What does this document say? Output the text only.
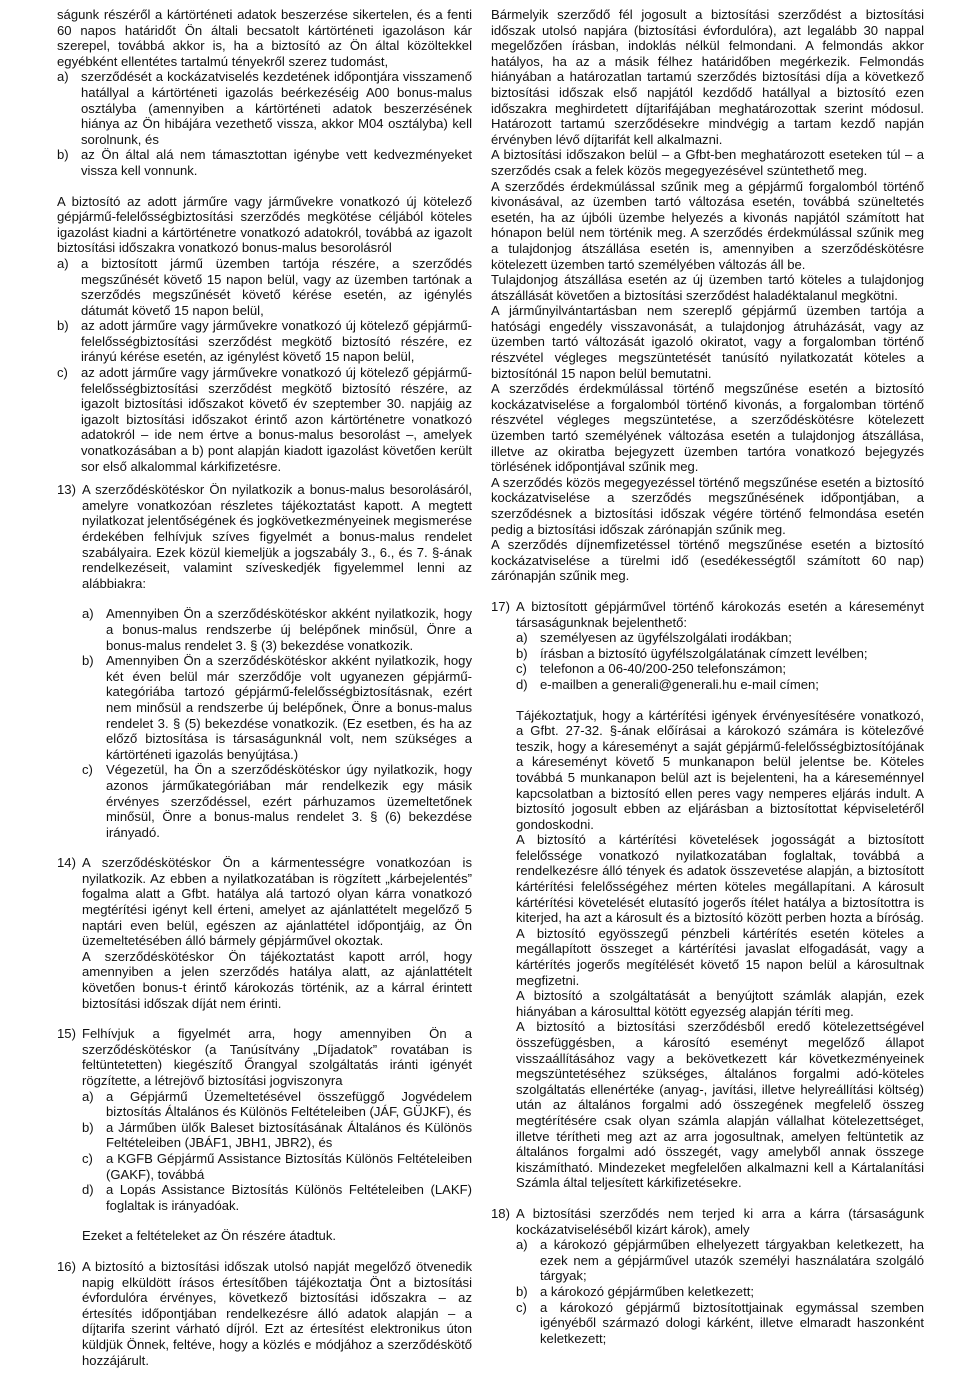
ságunk részéről a kártörténeti adatok beszerzése sikertelen, és a fenti 60 napos határidőt Ön általi becsatolt kártörténeti igazoláson kár szerepel, továbbá akkor is, ha a biztosító az Ön által közöltekkel egyébként ellentétes tartalmú tényekről szerez tudomást,

a) szerződését a kockázatviselés kezdetének időpontjára visszamenő hatállyal a kártörténeti igazolás beérkezéséig A00 bonus-malus osztályba (amennyiben a kártörténeti adatok beszerzésének hiánya az Ön hibájára vezethető vissza, akkor M04 osztályba) kell sorolnunk, és

b) az Ön által alá nem támasztottan igénybe vett kedvezményeket vissza kell vonnunk.

A biztosító az adott járműre vagy járművekre vonatkozó új kötelező gépjármű-felelősségbiztosítási szerződés megkötése céljából köteles igazolást kiadni a kártörténetre vonatkozó adatokról, továbbá az igazolt biztosítási időszakra vonatkozó bonus-malus besorolásról

a) a biztosított jármű üzemben tartója részére, a szerződés megszűnését követő 15 napon belül, vagy az üzemben tartónak a szerződés megszűnését követő kérése esetén, az igénylés dátumát követő 15 napon belül,

b) az adott járműre vagy járművekre vonatkozó új kötelező gépjármű-felelősségbiztosítási szerződést megkötő biztosító részére, ez irányú kérése esetén, az igénylést követő 15 napon belül,

c) az adott járműre vagy járművekre vonatkozó új kötelező gépjármű-felelősségbiztosítási szerződést megkötő biztosító részére, az igazolt biztosítási időszakot követő év szeptember 30. napjáig az igazolt biztosítási időszakot érintő azon kártörténetre vonatkozó adatokról – ide nem értve a bonus-malus besorolást –, amelyek vonatkozásában a b) pont alapján kiadott igazolást követően került sor első alkalommal kárkifizetésre.

13) A szerződéskötéskor Ön nyilatkozik a bonus-malus besorolásáról, amelyre vonatkozóan részletes tájékoztatást kapott. A megtett nyilatkozat jelentőségének és jogkövetkezményeinek megismerése érdekében felhívjuk szíves figyelmét a bonus-malus rendelet szabályaira. Ezek közül kiemeljük a jogszabály 3., 6., és 7. §-ának rendelkezéseit, valamint szíveskedjék figyelemmel lenni az alábbiakra:

a) Amennyiben Ön a szerződéskötéskor akként nyilatkozik, hogy a bonus-malus rendszerbe új belépőnek minősül, Önre a bonus-malus rendelet 3. § (3) bekezdése vonatkozik.

b) Amennyiben Ön a szerződéskötéskor akként nyilatkozik, hogy két éven belül már szerződője volt ugyanezen gépjármű-kategóriába tartozó gépjármű-felelősségbiztosításnak, ezért nem minősül a rendszerbe új belépőnek, Önre a bonus-malus rendelet 3. § (5) bekezdése vonatkozik. (Ez esetben, és ha az előző biztosítása is társaságunknál volt, nem szükséges a kártörténeti igazolás benyújtása.)

c) Végezetül, ha Ön a szerződéskötéskor úgy nyilatkozik, hogy azonos járműkategóriában már rendelkezik egy másik érvényes szerződéssel, ezért párhuzamos üzemeltetőnek minősül, Önre a bonus-malus rendelet 3. § (6) bekezdése irányadó.

14) A szerződéskötéskor Ön a kármentességre vonatkozóan is nyilatkozik. Az ebben a nyilatkozatában is rögzített „kárbejelentés” fogalma alatt a Gfbt. hatálya alá tartozó olyan kárra vonatkozó megtérítési igényt kell érteni, amelyet az ajánlattételt megelőző 5 naptári even belül, egészen az ajánlattétel időpontjáig, az Ön üzemeltetésében álló bármely gépjárművel okoztak.

A szerződéskötéskor Ön tájékoztatást kapott arról, hogy amennyiben a jelen szerződés hatálya alatt, az ajánlattételt követően bonus-t érintő károkozás történik, az a kárral érintett biztosítási időszak díját nem érinti.

15) Felhívjuk a figyelmét arra, hogy amennyiben Ön a szerződéskötéskor (a Tanúsítvány „Díjadatok” rovatában is feltüntetetten) kiegészítő Őrangyal szolgáltatás iránti igényét rögzítette, a létrejövő biztosítási jogviszonyra

a) a Gépjármű Üzemeltetésével összefüggő Jogvédelem biztosítás Általános és Különös Feltételeiben (JÁF, GÜJKF), és

b) a Járműben ülők Baleset biztosításának Általános és Különös Feltételeiben (JBÁF1, JBH1, JBR2), és

c) a KGFB Gépjármű Assistance Biztosítás Különös Feltételeiben (GAKF), továbbá

d) a Lopás Assistance Biztosítás Különös Feltételeiben (LAKF) foglaltak is irányadóak.

Ezeket a feltételeket az Ön részére átadtuk.

16) A biztosító a biztosítási időszak utolsó napját megelőző ötvenedik napig elküldött írásos értesítőben tájékoztatja Önt a biztosítási évfordulóra érvényes, következő biztosítási időszakra – az értesítés időpontjában rendelkezésre álló adatok alapján – a díjtarifa szerint várható díjról. Ezt az értesítést elektronikus úton küldjük Önnek, feltéve, hogy a közlés e módjához a szerződéskötő hozzájárult.

Bármelyik szerződő fél jogosult a biztosítási szerződést a biztosítási időszak utolsó napjára (biztosítási évfordulóra), azt legalább 30 nappal megelőzően írásban, indoklás nélkül felmondani. A felmondás akkor hatályos, ha az a másik félhez határidőben megérkezik. Felmondás hiányában a határozatlan tartamú szerződés biztosítási díja a következő biztosítási időszak első napjától kezdődő hatállyal a biztosító ezen időszakra meghirdetett díjtarifájában meghatározottak szerint módosul. Határozott tartamú szerződésekre mindvégig a tartam kezdő napján érvényben lévő díjtarifát kell alkalmazni.

A biztosítási időszakon belül – a Gfbt-ben meghatározott eseteken túl – a szerződés csak a felek közös megegyezésével szüntethető meg.

A szerződés érdekmúlással szűnik meg a gépjármű forgalomból történő kivonásával, az üzemben tartó változása esetén, továbbá szüneltetés esetén, ha az újbóli üzembe helyezés a kivonás napjától számított hat hónapon belül nem történik meg. A szerződés érdekmúlással szűnik meg a tulajdonjog átszállása esetén is, amennyiben a szerződéskötésre kötelezett üzemben tartó személyében változás áll be.

Tulajdonjog átszállása esetén az új üzemben tartó köteles a tulajdonjog átszállását követően a biztosítási szerződést haladéktalanul megkötni.

A járműnyilvántartásban nem szereplő gépjármű üzemben tartója a hatósági engedély visszavonását, a tulajdonjog átruházását, vagy az üzemben tartó változását igazoló okiratot, vagy a forgalomban történő részvétel végleges megszüntetését tanúsító nyilatkozatát köteles a biztosítónál 15 napon belül bemutatni.

A szerződés érdekmúlással történő megszűnése esetén a biztosító kockázatviselése a forgalomból történő kivonás, a forgalomban történő részvétel végleges megszüntetése, a szerződéskötésre kötelezett üzemben tartó személyének változása esetén a tulajdonjog átszállása, illetve az okiratba bejegyzett üzemben tartóra vonatkozó bejegyzés törlésének időpontjával szűnik meg.

A szerződés közös megegyezéssel történő megszűnése esetén a biztosító kockázatviselése a szerződés megszűnésének időpontjában, a szerződésnek a biztosítási időszak végére történő felmondása esetén pedig a biztosítási időszak zárónapján szűnik meg.

A szerződés díjnemfizetéssel történő megszűnése esetén a biztosító kockázatviselése a türelmi idő (esedékességtől számított 60 nap) zárónapján szűnik meg.

17) A biztosított gépjárművel történő károkozás esetén a káreseményt társaságunknak bejelenthető:

a) személyesen az ügyfélszolgálati irodákban;

b) írásban a biztosító ügyfélszolgálatának címzett levélben;

c) telefonon a 06-40/200-250 telefonszámon;

d) e-mailben a generali@generali.hu e-mail címen;

Tájékoztatjuk, hogy a kártérítési igények érvényesítésére vonatkozó, a Gfbt. 27-32. §-ának előírásai a károkozó számára is kötelezővé teszik, hogy a káreseményt a saját gépjármű-felelősségbiztosítójának a káreseményt követő 5 munkanapon belül jelentse be. Köteles továbbá 5 munkanapon belül azt is bejelenteni, ha a káreseménnyel kapcsolatban a biztosító ellen peres vagy nemperes eljárás indult. A biztosító jogosult ebben az eljárásban a biztosítottat képviseletéről gondoskodni.

A biztosító a kártérítési követelések jogosságát a biztosított felelőssége vonatkozó nyilatkozatában foglaltak, továbbá a rendelkezésre álló tények és adatok összevetése alapján, a biztosított kártérítési felelősségéhez mérten köteles megállapítani. A károsult kártérítési követelését elutasító jogerős ítélet hatálya a biztosítottra is kiterjed, ha azt a károsult és a biztosító között perben hozta a bíróság. A biztosító egyösszegű pénzbeli kártérítés esetén köteles a megállapított összeget a kártérítési javaslat elfogadását, vagy a kártérítés jogerős megítélését követő 15 napon belül a károsultnak megfizetni.

A biztosító a szolgáltatását a benyújtott számlák alapján, ezek hiányában a károsulttal kötött egyezség alapján téríti meg.

A biztosító a biztosítási szerződésből eredő kötelezettségével összefüggésben, a károsító eseményt megelőző állapot visszaállításához vagy a bekövetkezett kár következményeinek megszüntetéséhez szükséges, általános forgalmi adó-köteles szolgáltatás ellenértéke (anyag-, javítási, illetve helyreállítási költség) után az általános forgalmi adó összegének megfelelő összeg megtérítésére csak olyan számla alapján vállalhat kötelezettséget, illetve térítheti meg azt az arra jogosultnak, amelyen feltüntetik az általános forgalmi adó összegét, vagy amelyből annak összege kiszámítható. Mindezeket megfelelően alkalmazni kell a Kártalanítási Számla által teljesített kárkifizetésekre.

18) A biztosítási szerződés nem terjed ki arra a kárra (társaságunk kockázatviseléséből kizárt károk), amely

a) a károkozó gépjárműben elhelyezett tárgyakban keletkezett, ha ezek nem a gépjárművel utazók személyi használatára szolgáló tárgyak;

b) a károkozó gépjárműben keletkezett;

c) a károkozó gépjármű biztosítottjainak egymással szemben igényéből származó dologi kárként, illetve elmaradt haszonként keletkezett;
